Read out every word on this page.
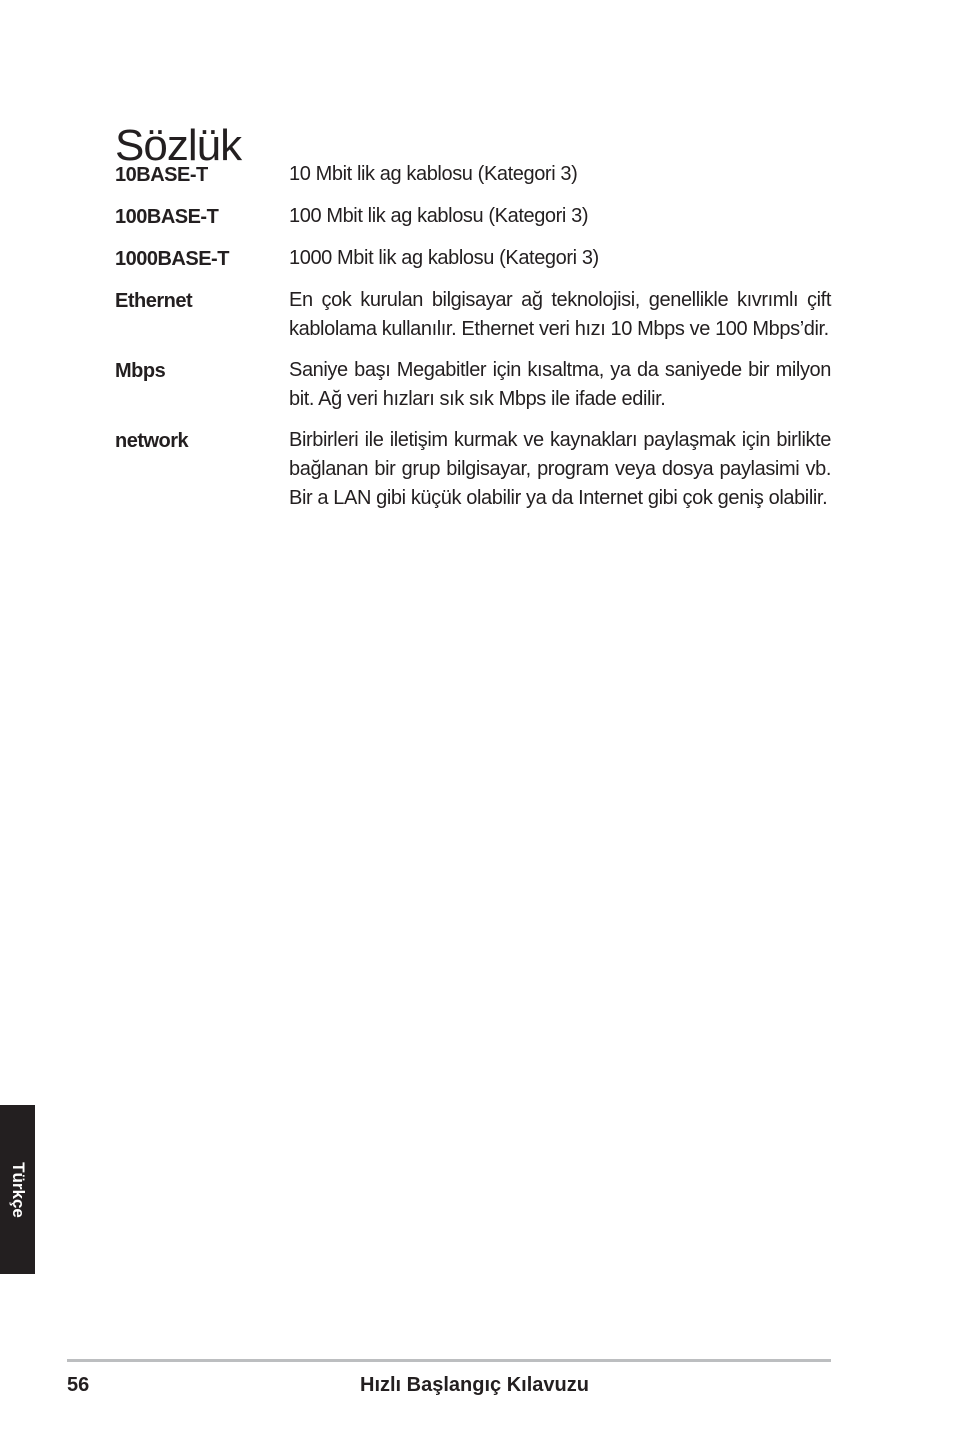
Sözlük
10BASE-T	10 Mbit lik ag kablosu (Kategori 3)
100BASE-T	100 Mbit lik ag kablosu (Kategori 3)
1000BASE-T	1000 Mbit lik ag kablosu (Kategori 3)
Ethernet	En çok kurulan bilgisayar ağ teknolojisi, genellikle kıvrımlı çift kablolama kullanılır. Ethernet veri hızı 10 Mbps ve 100 Mbps’dir.
Mbps	Saniye başı Megabitler için kısaltma, ya da saniyede bir milyon bit. Ağ veri hızları sık sık Mbps ile ifade edilir.
network	Birbirleri ile iletişim kurmak ve kaynakları paylaşmak için birlikte bağlanan bir grup bilgisayar, program veya dosya paylasimi vb. Bir a LAN gibi küçük olabilir ya da Internet gibi çok geniş olabilir.
Türkçe
56	Hızlı Başlangıç Kılavuzu
